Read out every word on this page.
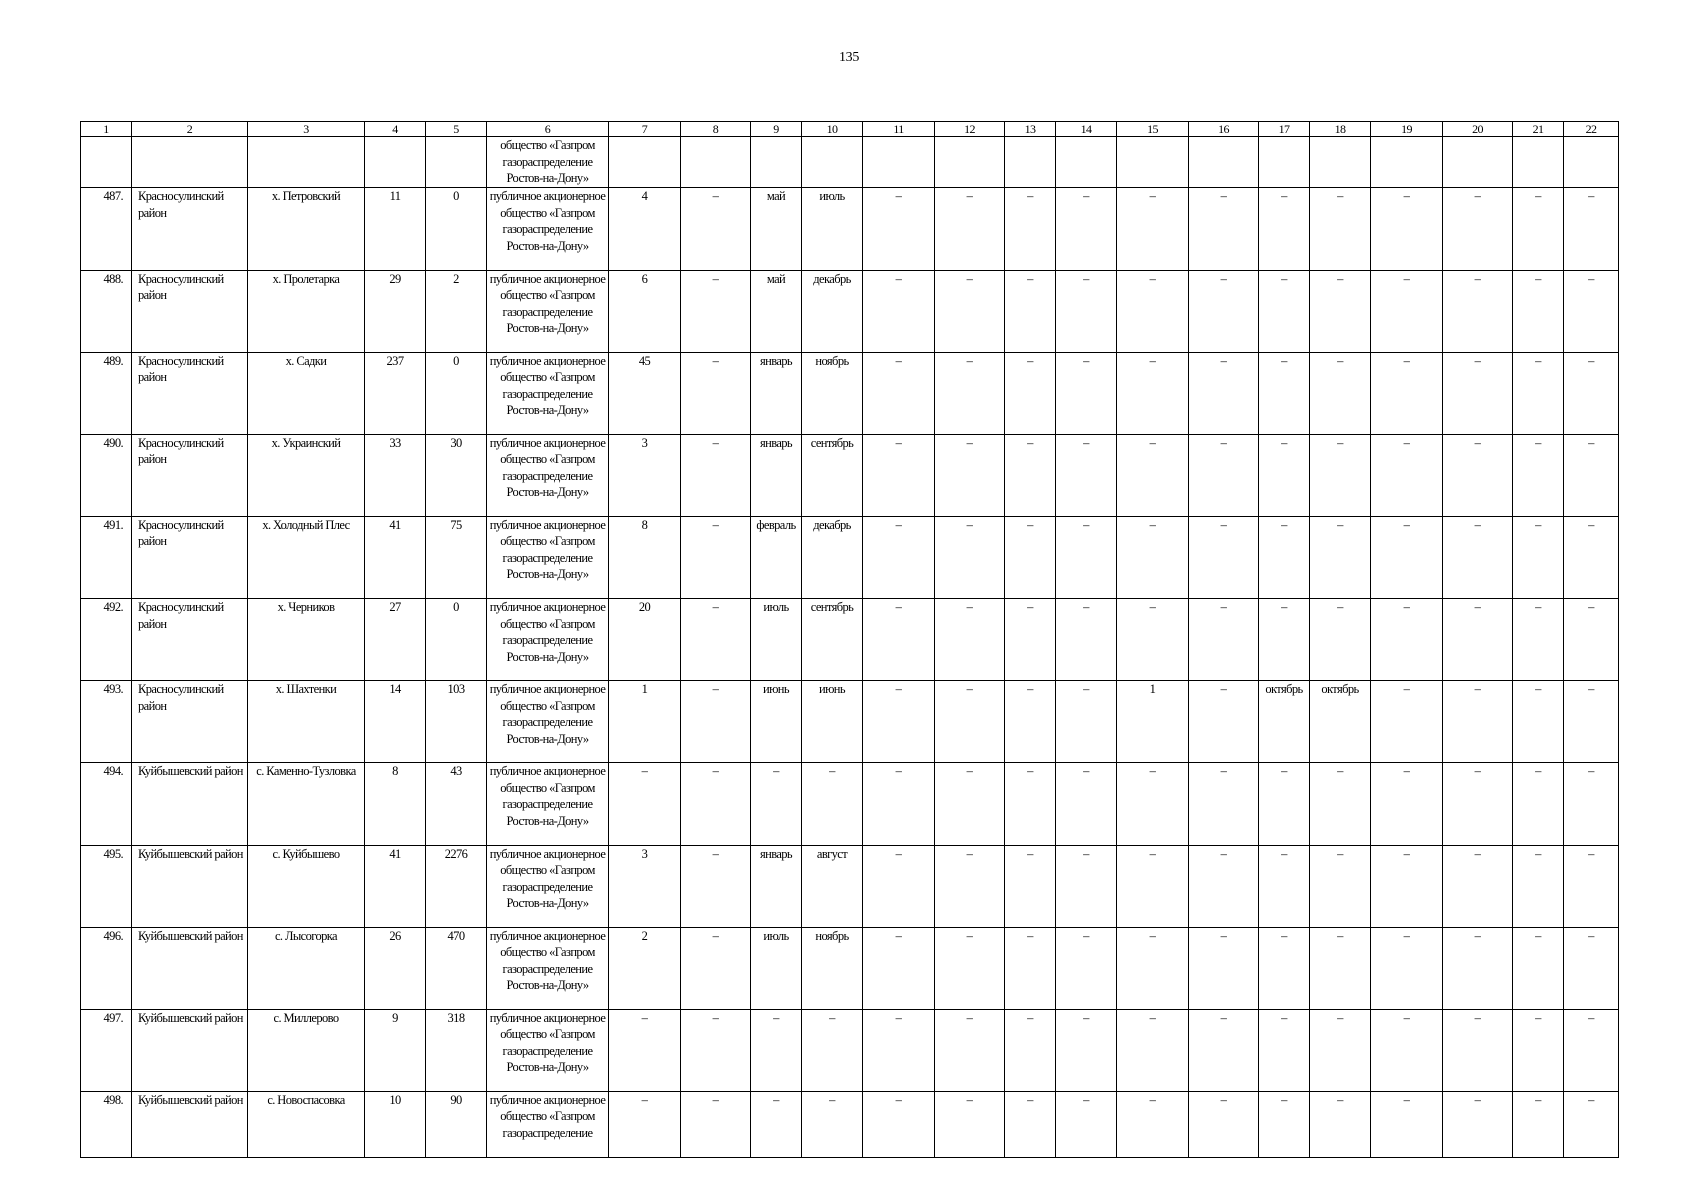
135
1	2	3	4	5	6	7	8	9	10	11	12	13	14	15	16	17	18	19	20	21	22
					общество «Газпром газораспределение Ростов-на-Дону»																
487.	Красносулинский район	х. Петровский	11	0	публичное акционерное общество «Газпром газораспределение Ростов-на-Дону»	4	–	май	июль	–	–	–	–	–	–	–	–	–	–	–	–
488.	Красносулинский район	х. Пролетарка	29	2	публичное акционерное общество «Газпром газораспределение Ростов-на-Дону»	6	–	май	декабрь	–	–	–	–	–	–	–	–	–	–	–	–
489.	Красносулинский район	х. Садки	237	0	публичное акционерное общество «Газпром газораспределение Ростов-на-Дону»	45	–	январь	ноябрь	–	–	–	–	–	–	–	–	–	–	–	–
490.	Красносулинский район	х. Украинский	33	30	публичное акционерное общество «Газпром газораспределение Ростов-на-Дону»	3	–	январь	сентябрь	–	–	–	–	–	–	–	–	–	–	–	–
491.	Красносулинский район	х. Холодный Плес	41	75	публичное акционерное общество «Газпром газораспределение Ростов-на-Дону»	8	–	февраль	декабрь	–	–	–	–	–	–	–	–	–	–	–	–
492.	Красносулинский район	х. Черников	27	0	публичное акционерное общество «Газпром газораспределение Ростов-на-Дону»	20	–	июль	сентябрь	–	–	–	–	–	–	–	–	–	–	–	–
493.	Красносулинский район	х. Шахтенки	14	103	публичное акционерное общество «Газпром газораспределение Ростов-на-Дону»	1	–	июнь	июнь	–	–	–	–	1	–	октябрь	октябрь	–	–	–	–
494.	Куйбышевский район	с. Каменно-Тузловка	8	43	публичное акционерное общество «Газпром газораспределение Ростов-на-Дону»	–	–	–	–	–	–	–	–	–	–	–	–	–	–	–	–
495.	Куйбышевский район	с. Куйбышево	41	2276	публичное акционерное общество «Газпром газораспределение Ростов-на-Дону»	3	–	январь	август	–	–	–	–	–	–	–	–	–	–	–	–
496.	Куйбышевский район	с. Лысогорка	26	470	публичное акционерное общество «Газпром газораспределение Ростов-на-Дону»	2	–	июль	ноябрь	–	–	–	–	–	–	–	–	–	–	–	–
497.	Куйбышевский район	с. Миллерово	9	318	публичное акционерное общество «Газпром газораспределение Ростов-на-Дону»	–	–	–	–	–	–	–	–	–	–	–	–	–	–	–	–
498.	Куйбышевский район	с. Новоспасовка	10	90	публичное акционерное общество «Газпром газораспределение	–	–	–	–	–	–	–	–	–	–	–	–	–	–	–	–
